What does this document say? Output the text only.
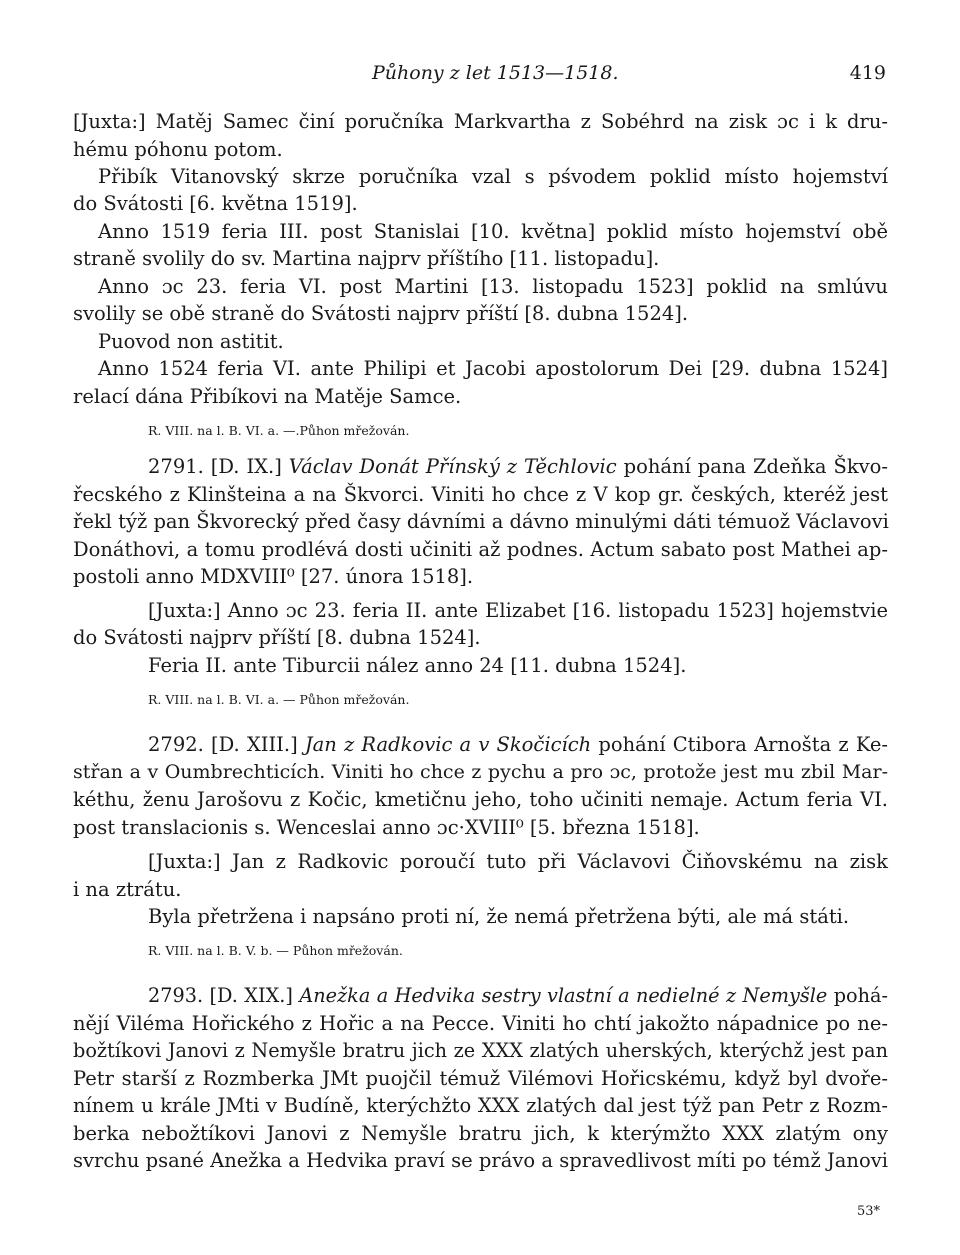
Půhony z let 1513—1518.	419
[Juxta:] Matěj Samec činí poručníka Markvartha z Sobéhrd na zisk ɔc i k dru-
hému póhonu potom.
Přibík Vitanovský skrze poručníka vzal s pśvodem poklid místo hojemství
do Svátosti [6. května 1519].
Anno 1519 feria III. post Stanislai [10. května] poklid místo hojemství obě
straně svolily do sv. Martina najprv příštího [11. listopadu].
Anno ɔc 23. feria VI. post Martini [13. listopadu 1523] poklid na smlúvu
svolily se obě straně do Svátosti najprv příští [8. dubna 1524].
Puovod non astitit.
Anno 1524 feria VI. ante Philipi et Jacobi apostolorum Dei [29. dubna 1524]
relací dána Přibíkovi na Matěje Samce.
R. VIII. na l. B. VI. a. —.Půhon mřežován.
2791. [D. IX.] Václav Donát Přínský z Těchlovic pohání pana Zdeňka Škvo-
řecského z Klinšteina a na Škvorci. Viniti ho chce z V kop gr. českých, kteréž jest
řekl týž pan Škvorecký před časy dávními a dávno minulými dáti témuož Václavovi
Donáthovi, a tomu prodlévá dosti učiniti až podnes. Actum sabato post Mathei ap-
postoli anno MDXVIII⁰ [27. února 1518].
[Juxta:] Anno ɔc 23. feria II. ante Elizabet [16. listopadu 1523] hojemstvie
do Svátosti najprv příští [8. dubna 1524].
Feria II. ante Tiburcii nález anno 24 [11. dubna 1524].
R. VIII. na l. B. VI. a. — Půhon mřežován.
2792. [D. XIII.] Jan z Radkovic a v Skočicích pohání Ctibora Arnošta z Ke-
střan a v Oumbrechticích. Viniti ho chce z pychu a pro ɔc, protože jest mu zbil Mar-
kéthu, ženu Jarošovu z Kočic, kmetičnu jeho, toho učiniti nemaje. Actum feria VI.
post translacionis s. Wenceslai anno ɔc·XVIII⁰ [5. března 1518].
[Juxta:] Jan z Radkovic poroučí tuto při Václavovi Čiňovskému na zisk
i na ztrátu.
Byla přetržena i napsáno proti ní, že nemá přetržena býti, ale má státi.
R. VIII. na l. B. V. b. — Půhon mřežován.
2793. [D. XIX.] Anežka a Hedvika sestry vlastní a nedielné z Nemyšle pohá-
nějí Viléma Hořického z Hořic a na Pecce. Viniti ho chtí jakožto nápadnice po ne-
božtíkovi Janovi z Nemyšle bratru jich ze XXX zlatých uherských, kterýchž jest pan
Petr starší z Rozmberka JMt puojčil témuž Vilémovi Hořicskému, když byl dvoře-
nínem u krále JMti v Budíně, kterýchžto XXX zlatých dal jest týž pan Petr z Rozm-
berka nebožtíkovi Janovi z Nemyšle bratru jich, k kterýmžto XXX zlatým ony
svrchu psané Anežka a Hedvika praví se právo a spravedlivost míti po témž Janovi
53*
